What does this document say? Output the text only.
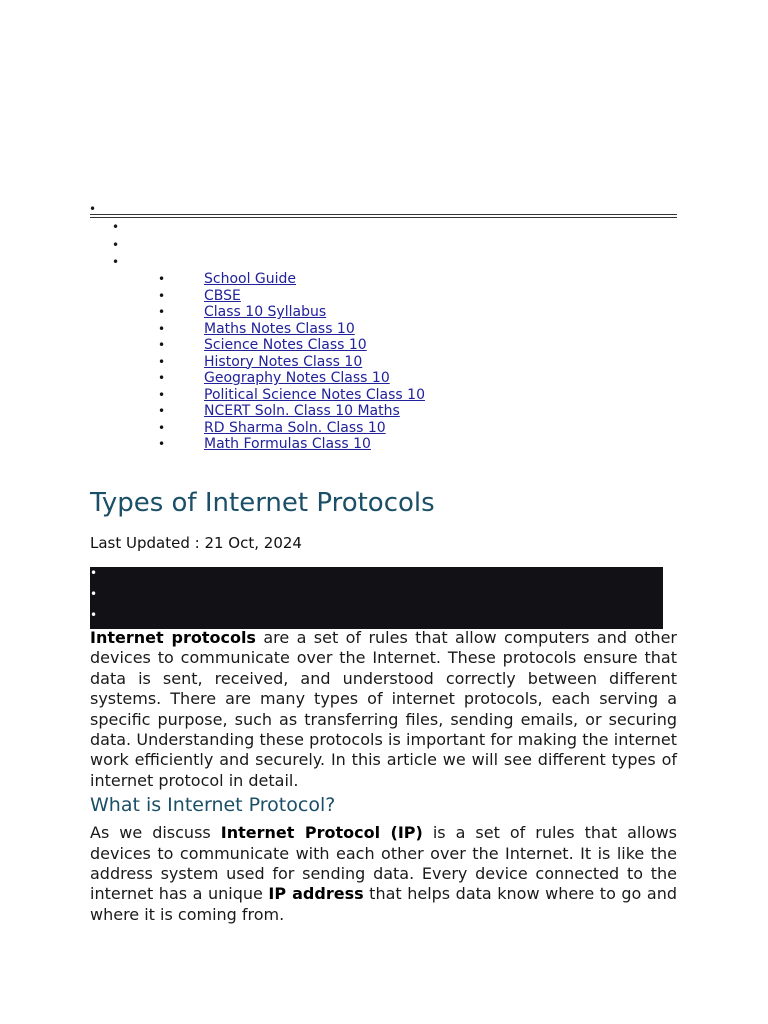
•
•
•
•
•	School Guide
•	CBSE
•	Class 10 Syllabus
•	Maths Notes Class 10
•	Science Notes Class 10
•	History Notes Class 10
•	Geography Notes Class 10
•	Political Science Notes Class 10
•	NCERT Soln. Class 10 Maths
•	RD Sharma Soln. Class 10
•	Math Formulas Class 10
Types of Internet Protocols
Last Updated : 21 Oct, 2024
•
•
•

Internet protocols are a set of rules that allow computers and other devices to communicate over the Internet. These protocols ensure that data is sent, received, and understood correctly between different systems. There are many types of internet protocols, each serving a specific purpose, such as transferring files, sending emails, or securing data. Understanding these protocols is important for making the internet work efficiently and securely. In this article we will see different types of internet protocol in detail.

What is Internet Protocol?

As we discuss Internet Protocol (IP) is a set of rules that allows devices to communicate with each other over the Internet. It is like the address system used for sending data. Every device connected to the internet has a unique IP address that helps data know where to go and where it is coming from.
